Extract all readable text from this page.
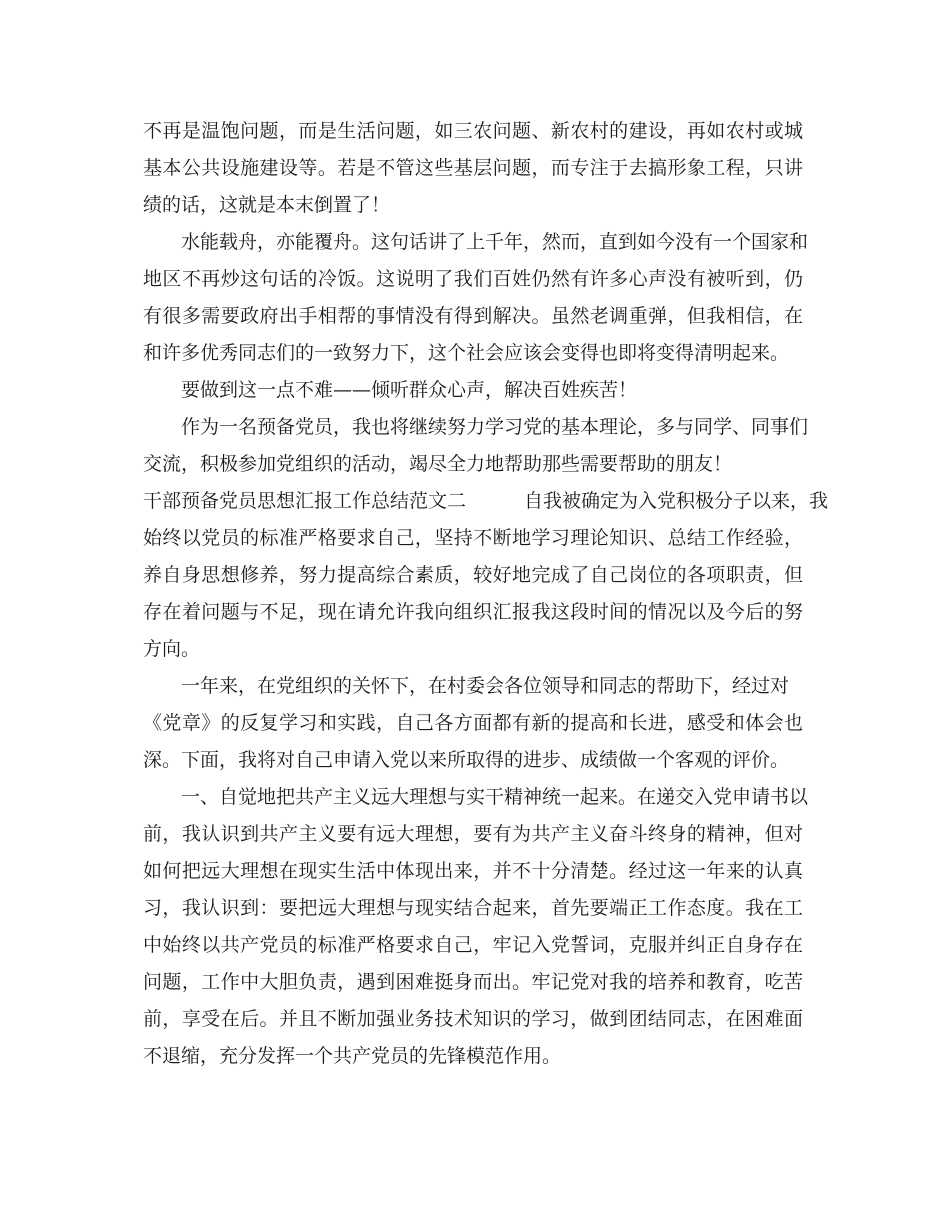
不再是温饱问题，而是生活问题，如三农问题、新农村的建设，再如农村或城
基本公共设施建设等。若是不管这些基层问题，而专注于去搞形象工程，只讲
绩的话，这就是本末倒置了！
水能载舟，亦能覆舟。这句话讲了上千年，然而，直到如今没有一个国家和
地区不再炒这句话的冷饭。这说明了我们百姓仍然有许多心声没有被听到，仍
有很多需要政府出手相帮的事情没有得到解决。虽然老调重弹，但我相信，在
和许多优秀同志们的一致努力下，这个社会应该会变得也即将变得清明起来。
要做到这一点不难——倾听群众心声，解决百姓疾苦！
作为一名预备党员，我也将继续努力学习党的基本理论，多与同学、同事们
交流，积极参加党组织的活动，竭尽全力地帮助那些需要帮助的朋友！
干部预备党员思想汇报工作总结范文二	自我被确定为入党积极分子以来，我
始终以党员的标准严格要求自己，坚持不断地学习理论知识、总结工作经验，
养自身思想修养，努力提高综合素质，较好地完成了自己岗位的各项职责，但
存在着问题与不足，现在请允许我向组织汇报我这段时间的情况以及今后的努
方向。
一年来，在党组织的关怀下，在村委会各位领导和同志的帮助下，经过对
《党章》的反复学习和实践，自己各方面都有新的提高和长进，感受和体会也
深。下面，我将对自己申请入党以来所取得的进步、成绩做一个客观的评价。
一、自觉地把共产主义远大理想与实干精神统一起来。在递交入党申请书以
前，我认识到共产主义要有远大理想，要有为共产主义奋斗终身的精神，但对
如何把远大理想在现实生活中体现出来，并不十分清楚。经过这一年来的认真
习，我认识到：要把远大理想与现实结合起来，首先要端正工作态度。我在工
中始终以共产党员的标准严格要求自己，牢记入党誓词，克服并纠正自身存在
问题，工作中大胆负责，遇到困难挺身而出。牢记党对我的培养和教育，吃苦
前，享受在后。并且不断加强业务技术知识的学习，做到团结同志，在困难面
不退缩，充分发挥一个共产党员的先锋模范作用。
